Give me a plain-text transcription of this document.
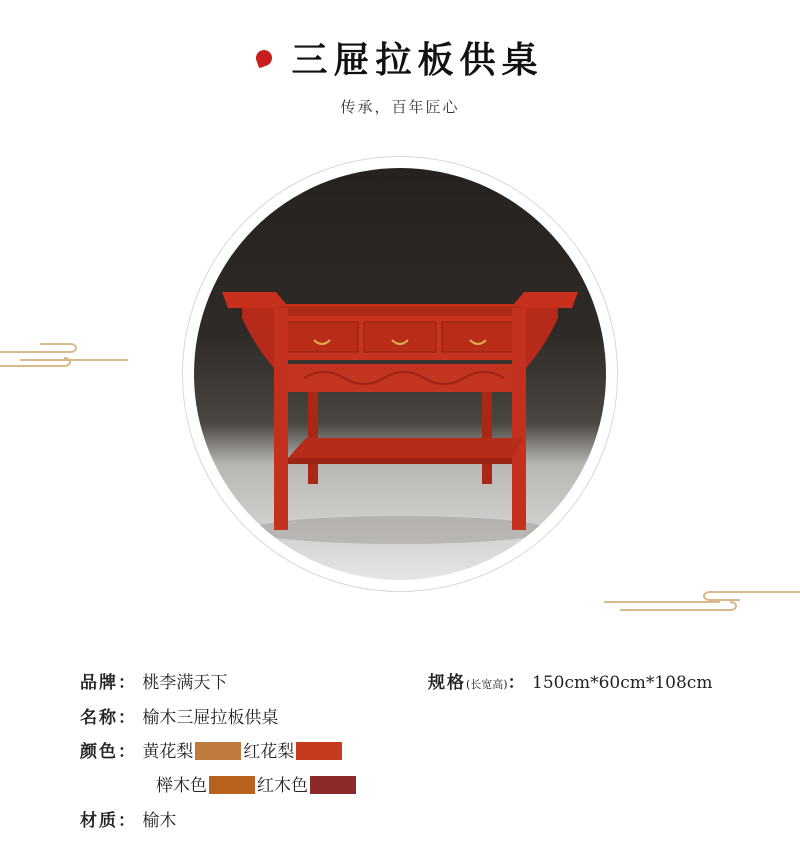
三屉拉板供桌
传承，百年匠心
品牌： 桃李满天下	规格(长宽高)： 150cm*60cm*108cm
名称： 榆木三屉拉板供桌
颜色： 黄花梨	红花梨
榉木色	红木色
材质： 榆木
